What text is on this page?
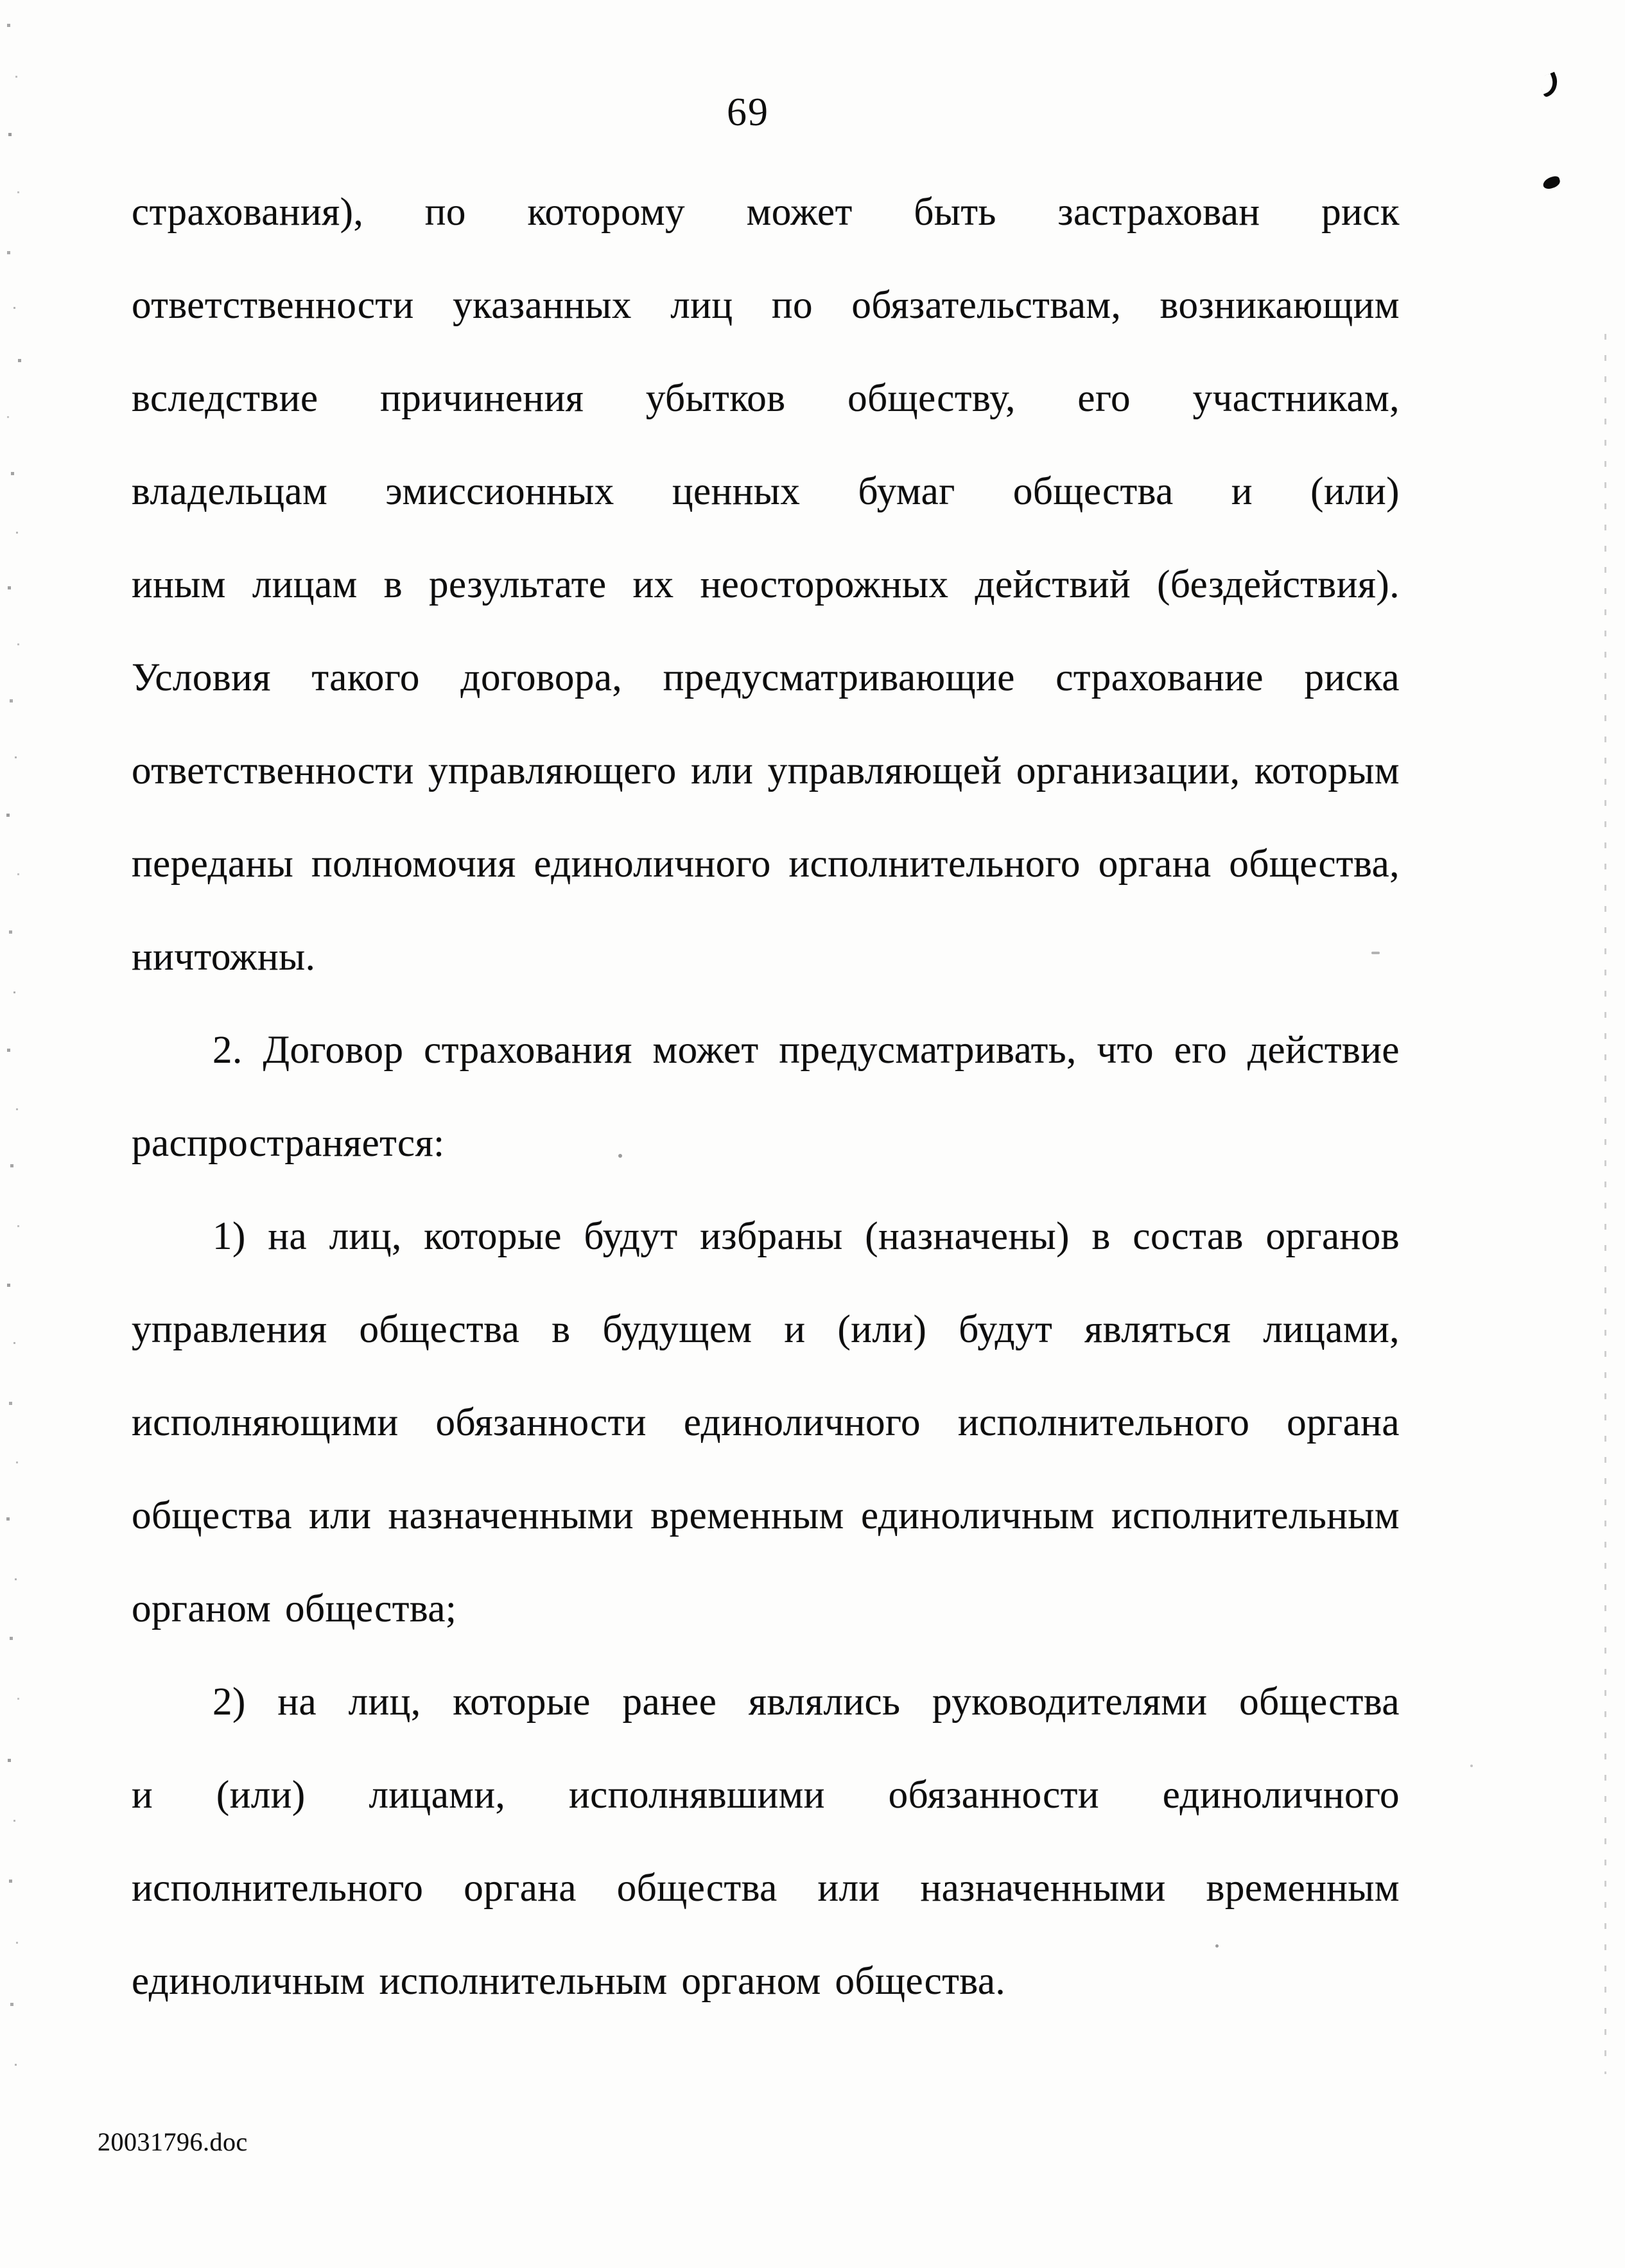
69
страхования), по которому может быть застрахован риск
ответственности указанных лиц по обязательствам, возникающим
вследствие причинения убытков обществу, его участникам,
владельцам эмиссионных ценных бумаг общества и (или)
иным лицам в результате их неосторожных действий (бездействия).
Условия такого договора, предусматривающие страхование риска
ответственности управляющего или управляющей организации, которым
переданы полномочия единоличного исполнительного органа общества,
ничтожны.
2. Договор страхования может предусматривать, что его действие
распространяется:
1) на лиц, которые будут избраны (назначены) в состав органов
управления общества в будущем и (или) будут являться лицами,
исполняющими обязанности единоличного исполнительного органа
общества или назначенными временным единоличным исполнительным
органом общества;
2) на лиц, которые ранее являлись руководителями общества
и (или) лицами, исполнявшими обязанности единоличного
исполнительного органа общества или назначенными временным
единоличным исполнительным органом общества.
20031796.doc
